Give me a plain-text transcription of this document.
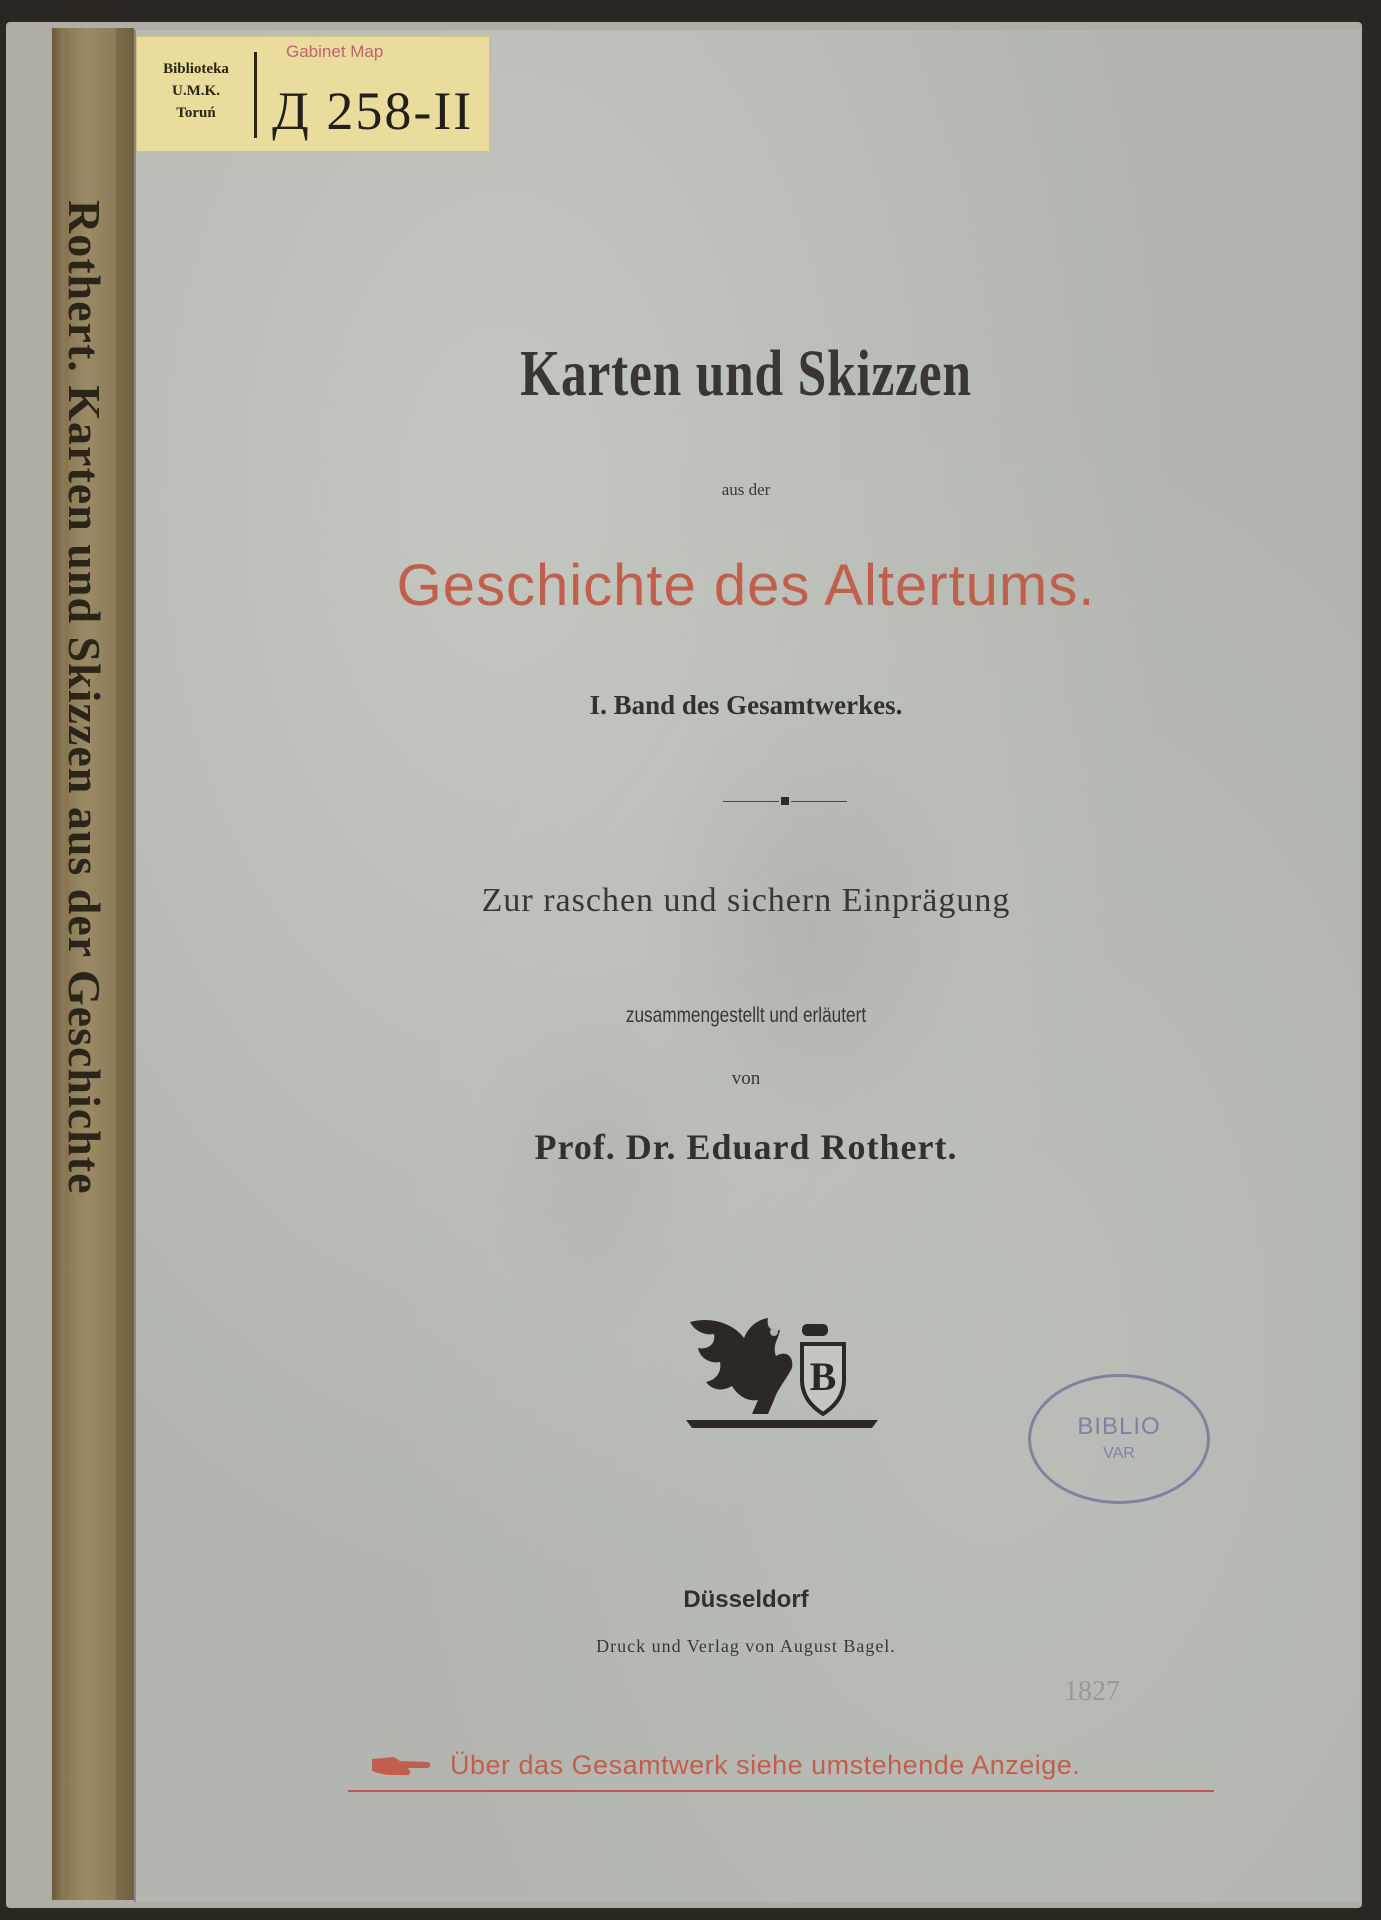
Rothert. Karten und Skizzen aus der Geschichte
Biblioteka
U.M.K.
Toruń
Gabinet Map
Д 258-II
Karten und Skizzen
aus der
Geschichte des Altertums.
I. Band des Gesamtwerkes.
Zur raschen und sichern Einprägung
zusammengestellt und erläutert
von
Prof. Dr. Eduard Rothert.
B
BIBLIO
VAR
Düsseldorf
Druck und Verlag von August Bagel.
1827
Über das Gesamtwerk siehe umstehende Anzeige.
